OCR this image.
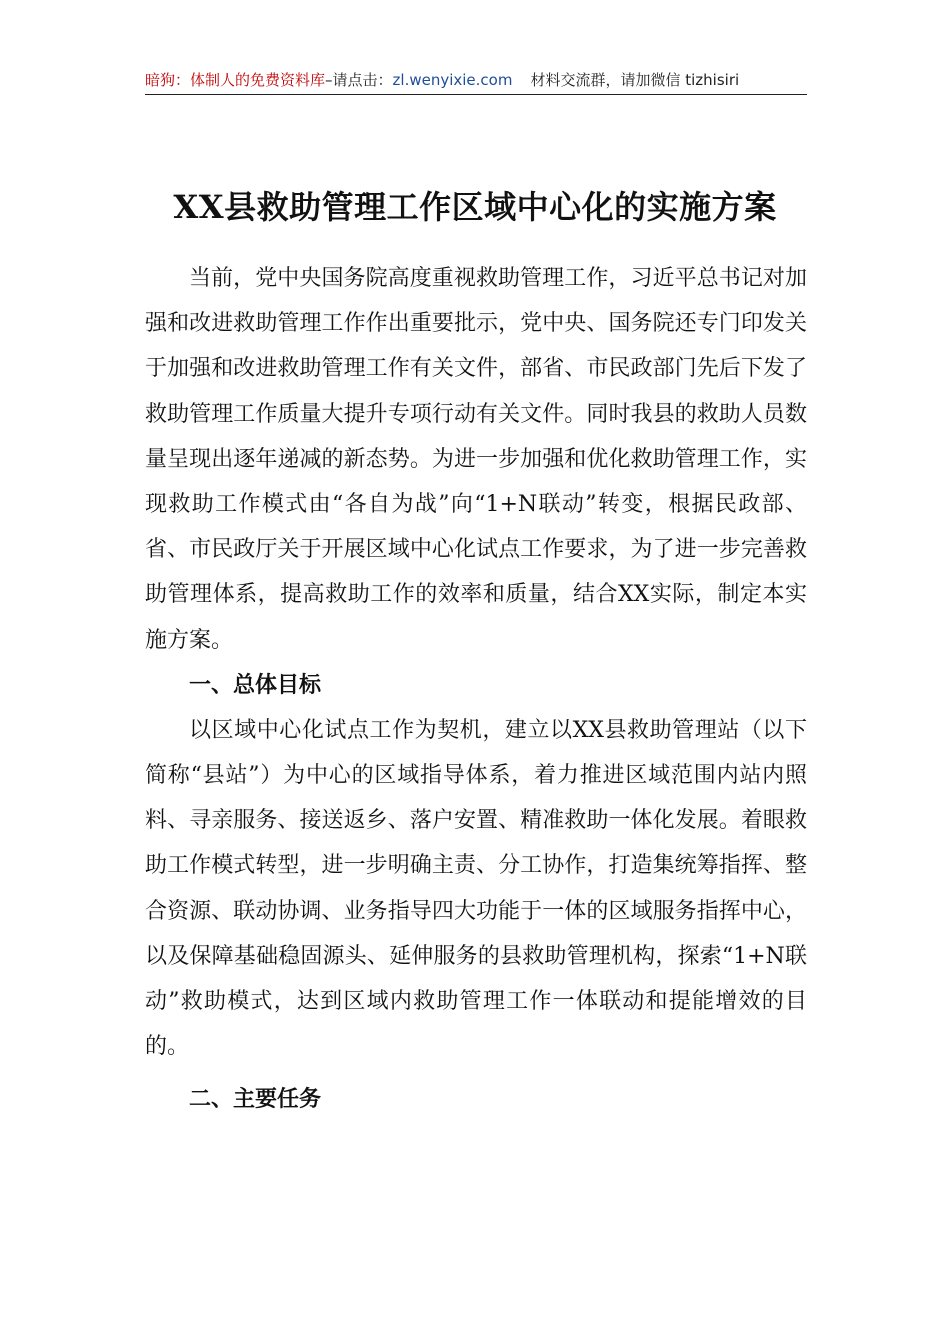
暗狗：体制人的免费资料库–请点击：zl.wenyixie.com 材料交流群，请加微信 tizhisiri
XX县救助管理工作区域中心化的实施方案

当前，党中央国务院高度重视救助管理工作，习近平总书记对加强和改进救助管理工作作出重要批示，党中央、国务院还专门印发关于加强和改进救助管理工作有关文件，部省、市民政部门先后下发了救助管理工作质量大提升专项行动有关文件。同时我县的救助人员数量呈现出逐年递减的新态势。为进一步加强和优化救助管理工作，实现救助工作模式由“各自为战”向“1+N联动”转变，根据民政部、省、市民政厅关于开展区域中心化试点工作要求，为了进一步完善救助管理体系，提高救助工作的效率和质量，结合XX实际，制定本实施方案。

一、总体目标

以区域中心化试点工作为契机，建立以XX县救助管理站（以下简称“县站”）为中心的区域指导体系，着力推进区域范围内站内照料、寻亲服务、接送返乡、落户安置、精准救助一体化发展。着眼救助工作模式转型，进一步明确主责、分工协作，打造集统筹指挥、整合资源、联动协调、业务指导四大功能于一体的区域服务指挥中心，以及保障基础稳固源头、延伸服务的县救助管理机构，探索“1+N联动”救助模式，达到区域内救助管理工作一体联动和提能增效的目的。

二、主要任务
